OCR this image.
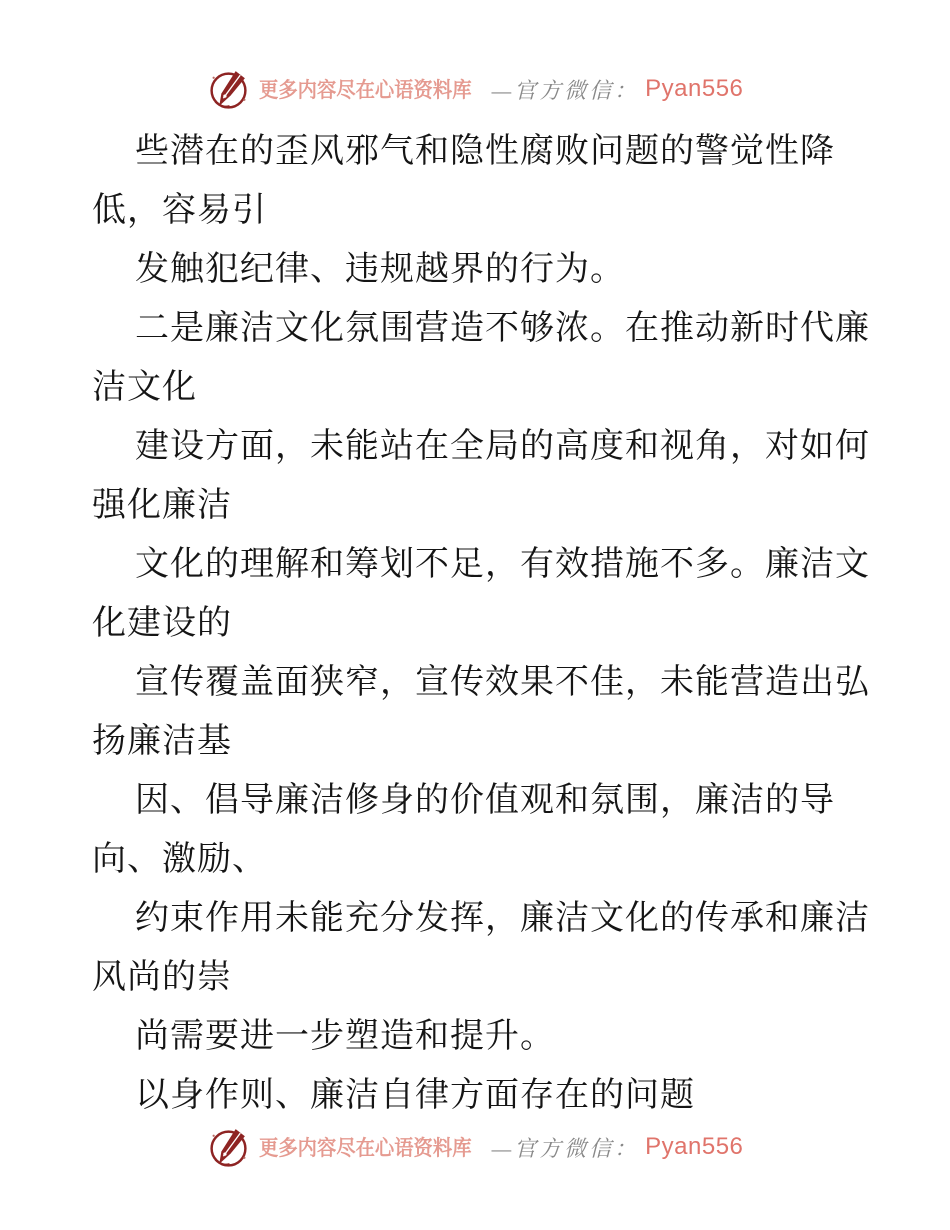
更多内容尽在心语资料库 —官方微信： Pyan556
些潜在的歪风邪气和隐性腐败问题的警觉性降
低，容易引
发触犯纪律、违规越界的行为。
二是廉洁文化氛围营造不够浓。在推动新时代廉
洁文化
建设方面，未能站在全局的高度和视角，对如何
强化廉洁
文化的理解和筹划不足，有效措施不多。廉洁文
化建设的
宣传覆盖面狭窄，宣传效果不佳，未能营造出弘
扬廉洁基
因、倡导廉洁修身的价值观和氛围，廉洁的导
向、激励、
约束作用未能充分发挥，廉洁文化的传承和廉洁
风尚的崇
尚需要进一步塑造和提升。
以身作则、廉洁自律方面存在的问题
更多内容尽在心语资料库 —官方微信： Pyan556
